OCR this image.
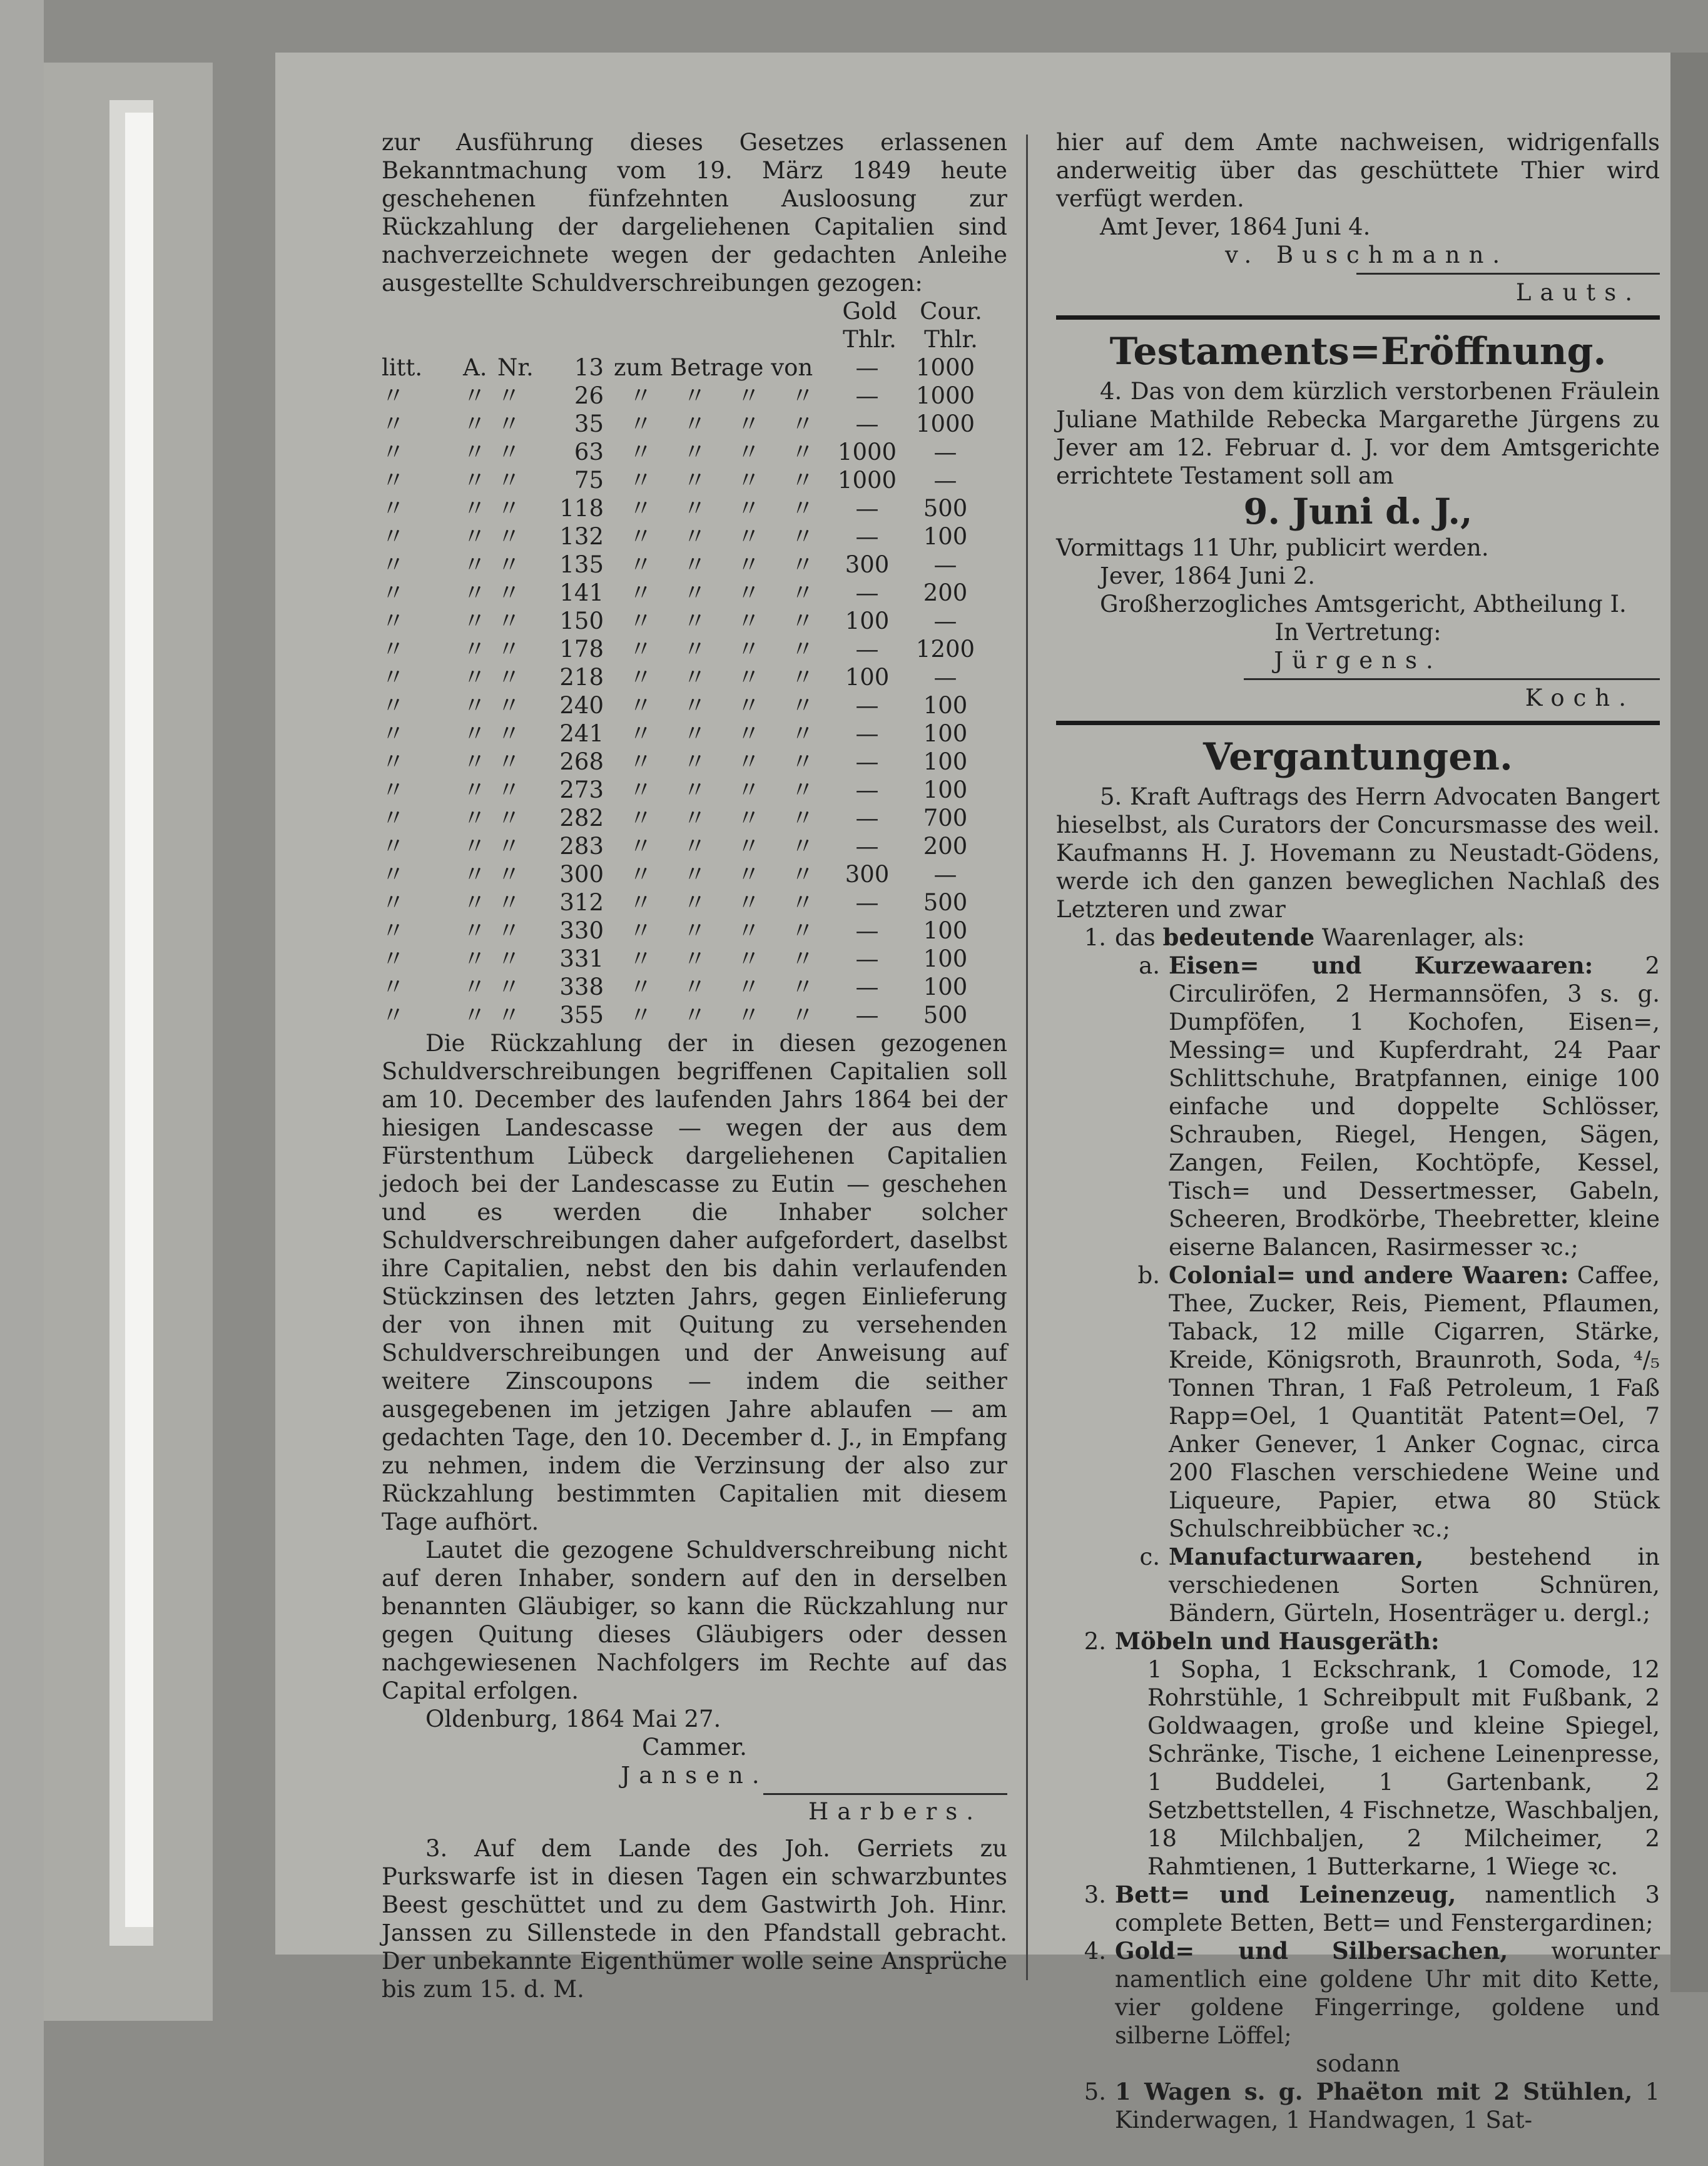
zur Ausführung dieses Gesetzes erlassenen Bekanntmachung vom 19. März 1849 heute geschehenen fünfzehnten Ausloosung zur Rückzahlung der dargeliehenen Capitalien sind nachverzeichnete wegen der gedachten Anleihe ausgestellte Schuldverschreibungen gezogen:

Gold Cour.
Thlr.	Thlr.
litt.	A. Nr.	13 zum Betrage von	—	1000
〃	〃 〃	26	〃 〃 〃 〃	—	1000
〃	〃 〃	35	〃 〃 〃 〃	—	1000
〃	〃 〃	63	〃 〃 〃 〃	1000	—
〃	〃 〃	75	〃 〃 〃 〃	1000	—
〃	〃 〃	118	〃 〃 〃 〃	—	500
〃	〃 〃	132	〃 〃 〃 〃	—	100
〃	〃 〃	135	〃 〃 〃 〃	300	—
〃	〃 〃	141	〃 〃 〃 〃	—	200
〃	〃 〃	150	〃 〃 〃 〃	100	—
〃	〃 〃	178	〃 〃 〃 〃	—	1200
〃	〃 〃	218	〃 〃 〃 〃	100	—
〃	〃 〃	240	〃 〃 〃 〃	—	100
〃	〃 〃	241	〃 〃 〃 〃	—	100
〃	〃 〃	268	〃 〃 〃 〃	—	100
〃	〃 〃	273	〃 〃 〃 〃	—	100
〃	〃 〃	282	〃 〃 〃 〃	—	700
〃	〃 〃	283	〃 〃 〃 〃	—	200
〃	〃 〃	300	〃 〃 〃 〃	300	—
〃	〃 〃	312	〃 〃 〃 〃	—	500
〃	〃 〃	330	〃 〃 〃 〃	—	100
〃	〃 〃	331	〃 〃 〃 〃	—	100
〃	〃 〃	338	〃 〃 〃 〃	—	100
〃	〃 〃	355	〃 〃 〃 〃	—	500

Die Rückzahlung der in diesen gezogenen Schuldverschreibungen begriffenen Capitalien soll am 10. December des laufenden Jahrs 1864 bei der hiesigen Landescasse — wegen der aus dem Fürstenthum Lübeck dargeliehenen Capitalien jedoch bei der Landescasse zu Eutin — geschehen und es werden die Inhaber solcher Schuldverschreibungen daher aufgefordert, daselbst ihre Capitalien, nebst den bis dahin verlaufenden Stückzinsen des letzten Jahrs, gegen Einlieferung der von ihnen mit Quitung zu versehenden Schuldverschreibungen und der Anweisung auf weitere Zinscoupons — indem die seither ausgegebenen im jetzigen Jahre ablaufen — am gedachten Tage, den 10. December d. J., in Empfang zu nehmen, indem die Verzinsung der also zur Rückzahlung bestimmten Capitalien mit diesem Tage aufhört.

Lautet die gezogene Schuldverschreibung nicht auf deren Inhaber, sondern auf den in derselben benannten Gläubiger, so kann die Rückzahlung nur gegen Quitung dieses Gläubigers oder dessen nachgewiesenen Nachfolgers im Rechte auf das Capital erfolgen.

Oldenburg, 1864 Mai 27.

Cammer.

Jansen.

Harbers.

3. Auf dem Lande des Joh. Gerriets zu Purkswarfe ist in diesen Tagen ein schwarzbuntes Beest geschüttet und zu dem Gastwirth Joh. Hinr. Janssen zu Sillenstede in den Pfandstall gebracht. Der unbekannte Eigenthümer wolle seine Ansprüche bis zum 15. d. M.

hier auf dem Amte nachweisen, widrigenfalls anderweitig über das geschüttete Thier wird verfügt werden.

Amt Jever, 1864 Juni 4.

v. Buschmann.

Lauts.

Testaments=Eröffnung.

4. Das von dem kürzlich verstorbenen Fräulein Juliane Mathilde Rebecka Margarethe Jürgens zu Jever am 12. Februar d. J. vor dem Amtsgerichte errichtete Testament soll am

9. Juni d. J.,

Vormittags 11 Uhr, publicirt werden.

Jever, 1864 Juni 2.

Großherzogliches Amtsgericht, Abtheilung I.

In Vertretung:

Jürgens.

Koch.

Vergantungen.

5. Kraft Auftrags des Herrn Advocaten Bangert hieselbst, als Curators der Concursmasse des weil. Kaufmanns H. J. Hovemann zu Neustadt-Gödens, werde ich den ganzen beweglichen Nachlaß des Letzteren und zwar

1. das bedeutende Waarenlager, als:
a. Eisen= und Kurzewaaren: 2 Circuliröfen, 2 Hermannsöfen, 3 s. g. Dumpföfen, 1 Kochofen, Eisen=, Messing= und Kupferdraht, 24 Paar Schlittschuhe, Bratpfannen, einige 100 einfache und doppelte Schlösser, Schrauben, Riegel, Hengen, Sägen, Zangen, Feilen, Kochtöpfe, Kessel, Tisch= und Dessertmesser, Gabeln, Scheeren, Brodkörbe, Theebretter, kleine eiserne Balancen, Rasirmesser ꝛc.;
b. Colonial= und andere Waaren: Caffee, Thee, Zucker, Reis, Piement, Pflaumen, Taback, 12 mille Cigarren, Stärke, Kreide, Königsroth, Braunroth, Soda, ⁴/₅ Tonnen Thran, 1 Faß Petroleum, 1 Faß Rapp=Oel, 1 Quantität Patent=Oel, 7 Anker Genever, 1 Anker Cognac, circa 200 Flaschen verschiedene Weine und Liqueure, Papier, etwa 80 Stück Schulschreibbücher ꝛc.;
c. Manufacturwaaren, bestehend in verschiedenen Sorten Schnüren, Bändern, Gürteln, Hosenträger u. dergl.;
2. Möbeln und Hausgeräth:

1 Sopha, 1 Eckschrank, 1 Comode, 12 Rohrstühle, 1 Schreibpult mit Fußbank, 2 Goldwaagen, große und kleine Spiegel, Schränke, Tische, 1 eichene Leinenpresse, 1 Buddelei, 1 Gartenbank, 2 Setzbettstellen, 4 Fischnetze, Waschbaljen, 18 Milchbaljen, 2 Milcheimer, 2 Rahmtienen, 1 Butterkarne, 1 Wiege ꝛc.

3. Bett= und Leinenzeug, namentlich 3 complete Betten, Bett= und Fenstergardinen;
4. Gold= und Silbersachen, worunter namentlich eine goldene Uhr mit dito Kette, vier goldene Fingerringe, goldene und silberne Löffel;

sodann

5. 1 Wagen s. g. Phaëton mit 2 Stühlen, 1 Kinderwagen, 1 Handwagen, 1 Sat-
